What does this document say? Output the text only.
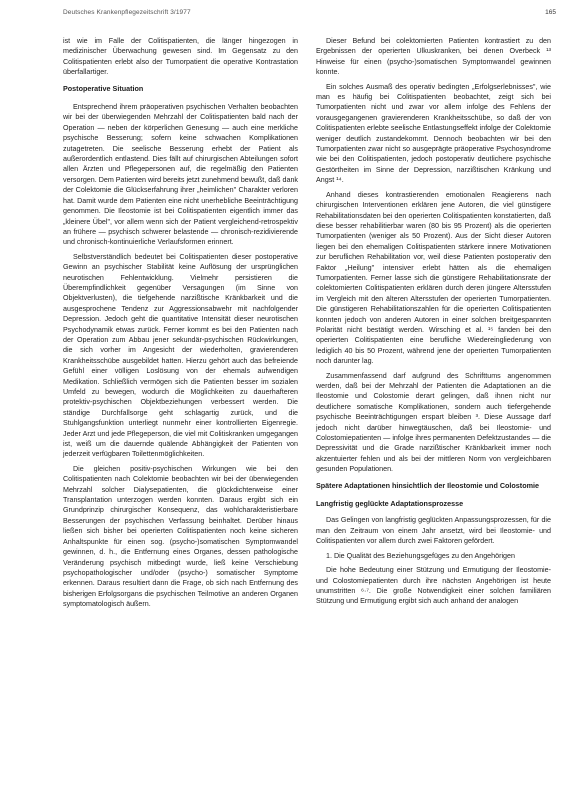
Deutsches Krankenpflegezeitschrift 3/1977	165

ist wie im Falle der Colitispatienten, die länger hingezogen in medizinischer Überwachung gewesen sind. Im Gegensatz zu den Colitispatienten erlebt also der Tumorpatient die operative Kontrastation überfallartiger.

Postoperative Situation

Entsprechend ihrem präoperativen psychischen Verhalten beobachten wir bei der überwiegenden Mehrzahl der Colitispatienten bald nach der Operation — neben der körperlichen Genesung — auch eine merkliche psychische Besserung; sofern keine schwachen Komplikationen zutagetreten. Die seelische Besserung erhebt der Patient als außerordentlich entlastend. Dies fällt auf chirurgischen Abteilungen sofort allen Ärzten und Pflegepersonen auf, die regelmäßig den Patienten versorgen. Dem Patienten wird bereits jetzt zunehmend bewußt, daß dank der Colektomie die Glückserfahrung ihrer „heimlichen" Charakter verloren hat. Damit wurde dem Patienten eine nicht unerhebliche Beeinträchtigung genommen. Die Ileostomie ist bei Colitispatienten eigentlich immer das „kleinere Übel", vor allem wenn sich der Patient vergleichend-retrospektiv an frühere — psychisch schwerer belastende — chronisch-rezidivierende und chronisch-kontinuierliche Verlaufsformen erinnert.

Selbstverständlich bedeutet bei Colitispatienten dieser postoperative Gewinn an psychischer Stabilität keine Auflösung der ursprünglichen neurotischen Fehlentwicklung. Vielmehr persistieren die Überempfindlichkeit gegenüber Versagungen (im Sinne von Objektverlusten), die tiefgehende narzißtische Kränkbarkeit und die ausgesprochene Tendenz zur Aggressionsabwehr mit nachfolgender Depression. Jedoch geht die quantitative Intensität dieser neurotischen Psychodynamik etwas zurück. Ferner kommt es bei den Patienten nach der Operation zum Abbau jener sekundär-psychischen Rückwirkungen, die sich vorher im Angesicht der wiederholten, gravierenderen Krankheitsschübe ausgebildet hatten. Hierzu gehört auch das befreiende Gefühl einer völligen Loslösung von der ehemals aufwendigen Medikation. Schließlich vermögen sich die Patienten besser im sozialen Umfeld zu bewegen, wodurch die Möglichkeiten zu dauerhafteren protektiv-psychischen Objektbeziehungen verbessert werden. Die ständige Durchfallsorge geht schlagartig zurück, und die Stuhlgangsfunktion unterliegt nunmehr einer kontrollierten Eigenregie. Jeder Arzt und jede Pflegeperson, die viel mit Colitiskranken umgegangen ist, weiß um die dauernde quälende Abhängigkeit der Patienten von jederzeit verfügbaren Toilettenmöglichkeiten.

Die gleichen positiv-psychischen Wirkungen wie bei den Colitispatienten nach Colektomie beobachten wir bei der überwiegenden Mehrzahl solcher Dialysepatienten, die glückdichterweise einer Transplantation unterzogen werden konnten. Daraus ergibt sich ein Grundprinzip chirurgischer Konsequenz, das wohlcharakteristierbare Besserungen der psychischen Verfassung beinhaltet. Derüber hinaus ließen sich bisher bei operierten Colitispatienten noch keine sicheren Anhaltspunkte für einen sog. (psycho-)somatischen Symptomwandel gewinnen, d. h., die Entfernung eines Organes, dessen pathologische Veränderung psychisch mitbedingt wurde, ließ keine Verschiebung psychopathologischer und/oder (psycho-) somatischer Symptome erkennen. Daraus resultiert dann die Frage, ob sich nach Entfernung des bisherigen Erfolgsorgans die psychischen Teilmotive an anderen Organen symptomatologisch äußern.

Dieser Befund bei colektomierten Patienten kontrastiert zu den Ergebnissen der operierten Ulkuskranken, bei denen Overbeck ¹³ Hinweise für einen (psycho-)somatischen Symptomwandel gewinnen konnte.

Ein solches Ausmaß des operativ bedingten „Erfolgserlebnisses", wie man es häufig bei Colitispatienten beobachtet, zeigt sich bei Tumorpatienten nicht und zwar vor allem infolge des Fehlens der vorausgegangenen gravierenderen Krankheitsschübe, so daß der von Colitispatienten erlebte seelische Entlastungseffekt infolge der Colektomie weniger deutlich zustandekommt. Dennoch beobachten wir bei den Tumorpatienten zwar nicht so ausgeprägte präoperative Psychosyndrome wie bei den Colitispatienten, jedoch postoperativ deutlichere psychische Gestörtheiten im Sinne der Depression, narzißtischen Kränkung und Angst ¹⁴.

Anhand dieses kontrastierenden emotionalen Reagierens nach chirurgischen Interventionen erklären jene Autoren, die viel günstigere Rehabilitationsdaten bei den operierten Colitispatienten konstatierten, daß diese besser rehabilitierbar waren (80 bis 95 Prozent) als die operierten Tumorpatienten (weniger als 50 Prozent). Aus der Sicht dieser Autoren liegen bei den ehemaligen Colitispatienten stärkere innere Motivationen zur beruflichen Rehabilitation vor, weil diese Patienten postoperativ den Faktor „Heilung" intensiver erlebt hätten als die ehemaligen Tumorpatienten. Ferner lasse sich die günstigere Rehabilitationsrate der colektomierten Colitispatienten erklären durch deren jüngere Altersstufen im Vergleich mit den älteren Altersstufen der operierten Tumorpatienten. Die günstigeren Rehabilitationszahlen für die operierten Colitispatienten konnten jedoch von anderen Autoren in einer solchen breitgespannten Polarität nicht bestätigt werden. Wirsching et al. ¹⁵ fanden bei den operierten Colitispatienten eine berufliche Wiedereingliederung von lediglich 40 bis 50 Prozent, während jene der operierten Tumorpatienten noch darunter lag.

Zusammenfassend darf aufgrund des Schrifttums angenommen werden, daß bei der Mehrzahl der Patienten die Adaptationen an die Ileostomie und Colostomie derart gelingen, daß ihnen nicht nur deutlichere somatische Komplikationen, sondern auch tiefergehende psychische Beeinträchtigungen erspart bleiben ³. Diese Aussage darf jedoch nicht darüber hinwegtäuschen, daß bei Ileostomie- und Colostomiepatienten — infolge ihres permanenten Defektzustandes — die Depressivität und die Grade narzißtischer Kränkbarkeit immer noch akzentuierter fehlen und als bei der mittleren Norm von vergleichbaren gesunden Populationen.

Spätere Adaptationen hinsichtlich der Ileostomie und Colostomie
Langfristig geglückte Adaptationsprozesse

Das Gelingen von langfristig geglückten Anpassungsprozessen, für die man den Zeitraum von einem Jahr ansetzt, wird bei Ileostomie- und Colitispatienten vor allem durch zwei Faktoren gefördert.

1. Die Qualität des Beziehungsgefüges zu den Angehörigen

Die hohe Bedeutung einer Stützung und Ermutigung der Ileostomie- und Colostomiepatienten durch ihre nächsten Angehörigen ist heute unumstritten ⁶·⁷. Die große Notwendigkeit einer solchen familiären Stützung und Ermutigung ergibt sich auch anhand der analogen
